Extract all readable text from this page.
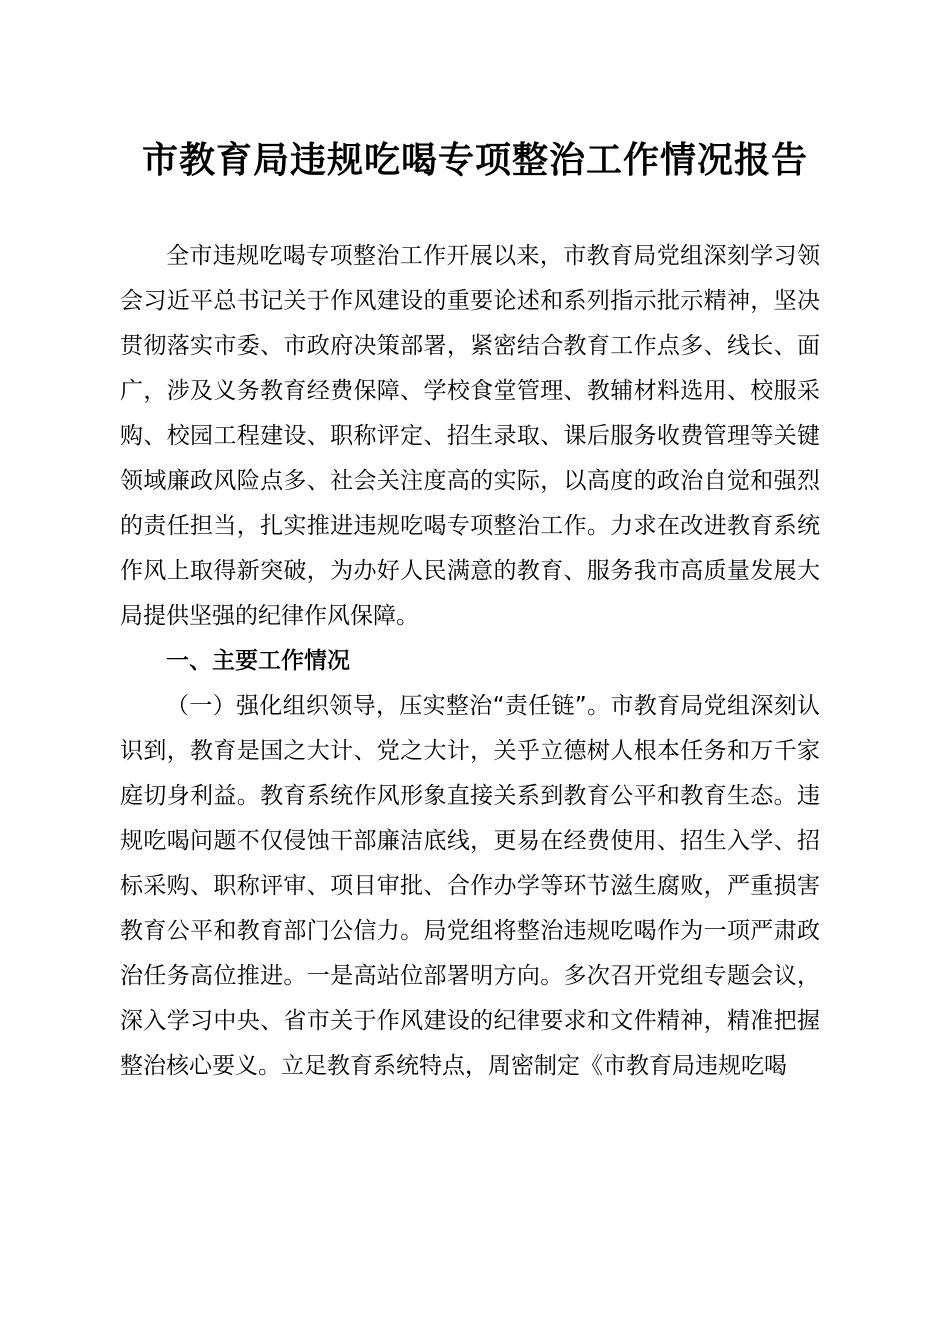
市教育局违规吃喝专项整治工作情况报告

全市违规吃喝专项整治工作开展以来，市教育局党组深刻学习领会习近平总书记关于作风建设的重要论述和系列指示批示精神，坚决贯彻落实市委、市政府决策部署，紧密结合教育工作点多、线长、面广，涉及义务教育经费保障、学校食堂管理、教辅材料选用、校服采购、校园工程建设、职称评定、招生录取、课后服务收费管理等关键领域廉政风险点多、社会关注度高的实际，以高度的政治自觉和强烈的责任担当，扎实推进违规吃喝专项整治工作。力求在改进教育系统作风上取得新突破，为办好人民满意的教育、服务我市高质量发展大局提供坚强的纪律作风保障。

一、主要工作情况

（一）强化组织领导，压实整治“责任链”。市教育局党组深刻认识到，教育是国之大计、党之大计，关乎立德树人根本任务和万千家庭切身利益。教育系统作风形象直接关系到教育公平和教育生态。违规吃喝问题不仅侵蚀干部廉洁底线，更易在经费使用、招生入学、招标采购、职称评审、项目审批、合作办学等环节滋生腐败，严重损害教育公平和教育部门公信力。局党组将整治违规吃喝作为一项严肃政治任务高位推进。一是高站位部署明方向。多次召开党组专题会议，深入学习中央、省市关于作风建设的纪律要求和文件精神，精准把握整治核心要义。立足教育系统特点，周密制定《市教育局违规吃喝
